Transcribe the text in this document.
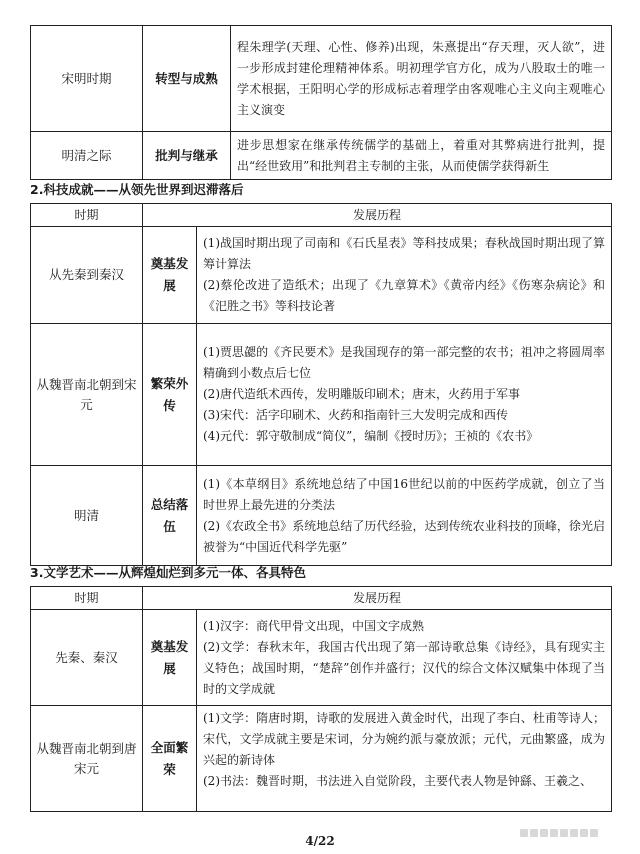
宋明时期	转型与成熟	程朱理学(天理、心性、修养)出现，朱熹提出“存天理，灭人欲”，进一步形成封建伦理精神体系。明初理学官方化，成为八股取士的唯一学术根据，王阳明心学的形成标志着理学由客观唯心主义向主观唯心主义演变

明清之际	批判与继承	进步思想家在继承传统儒学的基础上，着重对其弊病进行批判，提出“经世致用”和批判君主专制的主张，从而使儒学获得新生
2.科技成就——从领先世界到迟滞落后
时期	发展历程	
从先秦到秦汉	奠基发展	(1)战国时期出现了司南和《石氏星表》等科技成果；春秋战国时期出现了算筹计算法
(2)蔡伦改进了造纸术；出现了《九章算术》《黄帝内经》《伤寒杂病论》和《汜胜之书》等科技论著

从魏晋南北朝到宋元	繁荣外传	(1)贾思勰的《齐民要术》是我国现存的第一部完整的农书；祖冲之将圆周率精确到小数点后七位
(2)唐代造纸术西传，发明雕版印刷术；唐末，火药用于军事
(3)宋代：活字印刷术、火药和指南针三大发明完成和西传
(4)元代：郭守敬制成“简仪”，编制《授时历》；王祯的《农书》

明清	总结落伍	(1)《本草纲目》系统地总结了中国16世纪以前的中医药学成就，创立了当时世界上最先进的分类法
(2)《农政全书》系统地总结了历代经验，达到传统农业科技的顶峰，徐光启被誉为“中国近代科学先驱”
3.文学艺术——从辉煌灿烂到多元一体、各具特色
时期	发展历程	
先秦、秦汉	奠基发展	(1)汉字：商代甲骨文出现，中国文字成熟
(2)文学：春秋末年，我国古代出现了第一部诗歌总集《诗经》，具有现实主义特色；战国时期，“楚辞”创作并盛行；汉代的综合文体汉赋集中体现了当时的文学成就

从魏晋南北朝到唐宋元	全面繁荣	(1)文学：隋唐时期，诗歌的发展进入黄金时代，出现了李白、杜甫等诗人；宋代，文学成就主要是宋词，分为婉约派与豪放派；元代，元曲繁盛，成为兴起的新诗体
(2)书法：魏晋时期，书法进入自觉阶段，主要代表人物是钟繇、王羲之、
4/22
